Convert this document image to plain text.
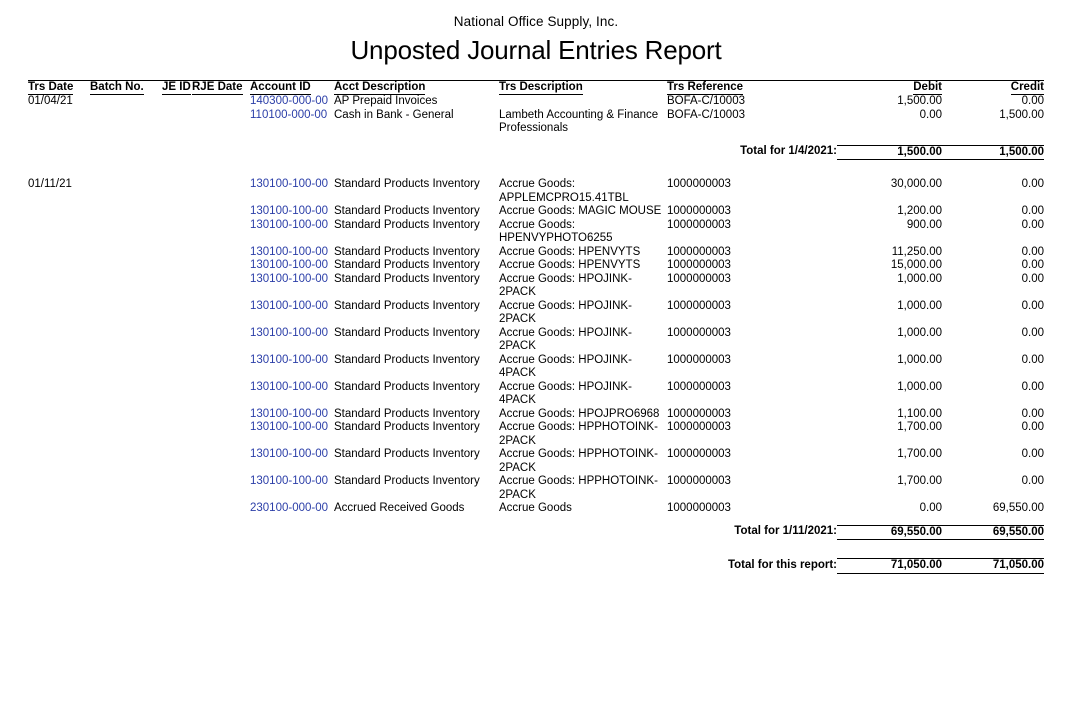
National Office Supply, Inc.
Unposted Journal Entries Report
Trs Date	Batch No.	JE ID	RJE Date	Account ID	Acct Description	Trs Description	Trs Reference	Debit	Credit
01/04/21				140300-000-00	AP Prepaid Invoices		BOFA-C/10003	1,500.00	0.00
				110100-000-00	Cash in Bank - General	Lambeth Accounting & Finance Professionals	BOFA-C/10003	0.00	1,500.00

Total for 1/4/2021:								1,500.00	1,500.00

01/11/21				130100-100-00	Standard Products Inventory	Accrue Goods: APPLEMCPRO15.41TBL	1000000003	30,000.00	0.00
				130100-100-00	Standard Products Inventory	Accrue Goods: MAGIC MOUSE	1000000003	1,200.00	0.00
				130100-100-00	Standard Products Inventory	Accrue Goods: HPENVYPHOTO6255	1000000003	900.00	0.00
				130100-100-00	Standard Products Inventory	Accrue Goods: HPENVYTS	1000000003	11,250.00	0.00
				130100-100-00	Standard Products Inventory	Accrue Goods: HPENVYTS	1000000003	15,000.00	0.00
				130100-100-00	Standard Products Inventory	Accrue Goods: HPOJINK-2PACK	1000000003	1,000.00	0.00
				130100-100-00	Standard Products Inventory	Accrue Goods: HPOJINK-2PACK	1000000003	1,000.00	0.00
				130100-100-00	Standard Products Inventory	Accrue Goods: HPOJINK-2PACK	1000000003	1,000.00	0.00
				130100-100-00	Standard Products Inventory	Accrue Goods: HPOJINK-4PACK	1000000003	1,000.00	0.00
				130100-100-00	Standard Products Inventory	Accrue Goods: HPOJINK-4PACK	1000000003	1,000.00	0.00
				130100-100-00	Standard Products Inventory	Accrue Goods: HPOJPRO6968	1000000003	1,100.00	0.00
				130100-100-00	Standard Products Inventory	Accrue Goods: HPPHOTOINK-2PACK	1000000003	1,700.00	0.00
				130100-100-00	Standard Products Inventory	Accrue Goods: HPPHOTOINK-2PACK	1000000003	1,700.00	0.00
				130100-100-00	Standard Products Inventory	Accrue Goods: HPPHOTOINK-2PACK	1000000003	1,700.00	0.00
				230100-000-00	Accrued Received Goods	Accrue Goods	1000000003	0.00	69,550.00

Total for 1/11/2021:								69,550.00	69,550.00

Total for this report:								71,050.00	71,050.00
